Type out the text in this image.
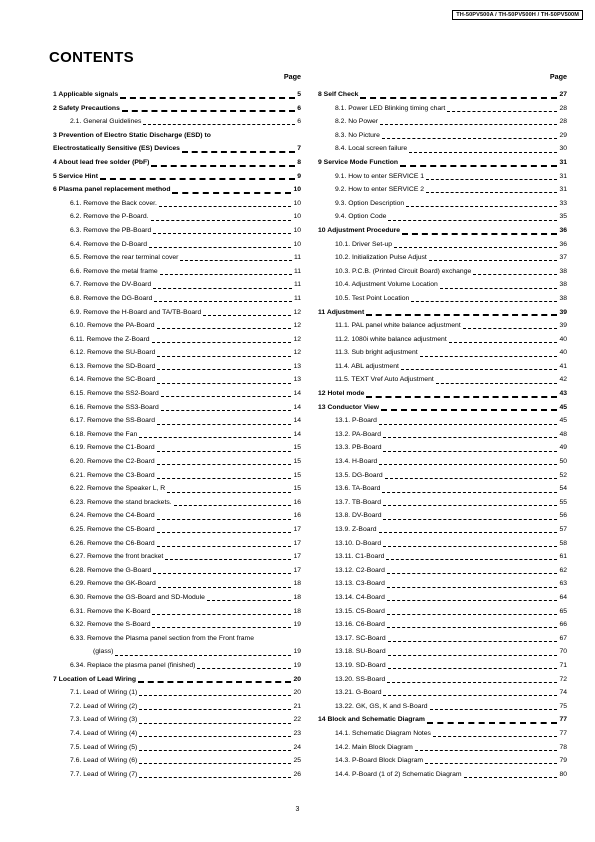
TH-50PV500A / TH-50PV500H / TH-50PV500M
CONTENTS
Page
1 Applicable signals	5
2 Safety Precautions	6
2.1. General Guidelines	6
3 Prevention of Electro Static Discharge (ESD) to
Electrostatically Sensitive (ES) Devices	7
4 About lead free solder (PbF)	8
5 Service Hint	9
6 Plasma panel replacement method	10
6.1. Remove the Back cover.	10
6.2. Remove the P-Board.	10
6.3. Remove the PB-Board	10
6.4. Remove the D-Board	10
6.5. Remove the rear terminal cover	11
6.6. Remove the metal frame	11
6.7. Remove the DV-Board	11
6.8. Remove the DG-Board	11
6.9. Remove the H-Board and TA/TB-Board	12
6.10. Remove the PA-Board	12
6.11. Remove the Z-Board	12
6.12. Remove the SU-Board	12
6.13. Remove the SD-Board	13
6.14. Remove the SC-Board	13
6.15. Remove the SS2-Board	14
6.16. Remove the SS3-Board	14
6.17. Remove the SS-Board	14
6.18. Remove the Fan	14
6.19. Remove the C1-Board	15
6.20. Remove the C2-Board	15
6.21. Remove the C3-Board	15
6.22. Remove the Speaker L, R	15
6.23. Remove the stand brackets.	16
6.24. Remove the C4-Board	16
6.25. Remove the C5-Board	17
6.26. Remove the C6-Board	17
6.27. Remove the front bracket	17
6.28. Remove the G-Board	17
6.29. Remove the GK-Board	18
6.30. Remove the GS-Board and SD-Module	18
6.31. Remove the K-Board	18
6.32. Remove the S-Board	19
6.33. Remove the Plasma panel section from the Front frame
(glass)	19
6.34. Replace the plasma panel (finished)	19
7 Location of Lead Wiring	20
7.1. Lead of Wiring (1)	20
7.2. Lead of Wiring (2)	21
7.3. Lead of Wiring (3)	22
7.4. Lead of Wiring (4)	23
7.5. Lead of Wiring (5)	24
7.6. Lead of Wiring (6)	25
7.7. Lead of Wiring (7)	26
Page
8 Self Check	27
8.1. Power LED Blinking timing chart	28
8.2. No Power	28
8.3. No Picture	29
8.4. Local screen failure	30
9 Service Mode Function	31
9.1. How to enter SERVICE 1	31
9.2. How to enter SERVICE 2	31
9.3. Option Description	33
9.4. Option Code	35
10 Adjustment Procedure	36
10.1. Driver Set-up	36
10.2. Initialization Pulse Adjust	37
10.3. P.C.B. (Printed Circuit Board) exchange	38
10.4. Adjustment Volume Location	38
10.5. Test Point Location	38
11 Adjustment	39
11.1. PAL panel white balance adjustment	39
11.2. 1080i white balance adjustment	40
11.3. Sub bright adjustment	40
11.4. ABL adjustment	41
11.5. TEXT Vref Auto Adjustment	42
12 Hotel mode	43
13 Conductor View	45
13.1. P-Board	45
13.2. PA-Board	48
13.3. PB-Board	49
13.4. H-Board	50
13.5. DG-Board	52
13.6. TA-Board	54
13.7. TB-Board	55
13.8. DV-Board	56
13.9. Z-Board	57
13.10. D-Board	58
13.11. C1-Board	61
13.12. C2-Board	62
13.13. C3-Board	63
13.14. C4-Board	64
13.15. C5-Board	65
13.16. C6-Board	66
13.17. SC-Board	67
13.18. SU-Board	70
13.19. SD-Board	71
13.20. SS-Board	72
13.21. G-Board	74
13.22. GK, GS, K and S-Board	75
14 Block and Schematic Diagram	77
14.1. Schematic Diagram Notes	77
14.2. Main Block Diagram	78
14.3. P-Board Block Diagram	79
14.4. P-Board (1 of 2) Schematic Diagram	80
3
